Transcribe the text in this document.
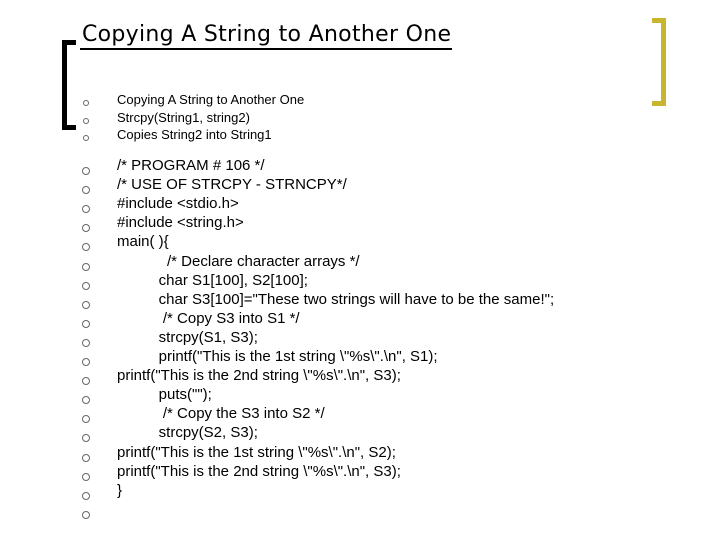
Copying A String to Another One
Copying A String to Another One
Strcpy(String1, string2)
Copies String2 into String1
/* PROGRAM # 106 */
/* USE OF STRCPY - STRNCPY*/
#include <stdio.h>
#include <string.h>
main( ){
/* Declare character arrays */
char S1[100], S2[100];
char S3[100]="These two strings will have to be the same!";
/* Copy S3 into S1 */
strcpy(S1, S3);
printf("This is the 1st string \"%s\".\n", S1);
printf("This is the 2nd string \"%s\".\n", S3);
puts("");
/* Copy the S3 into S2 */
strcpy(S2, S3);
printf("This is the 1st string \"%s\".\n", S2);
printf("This is the 2nd string \"%s\".\n", S3);
}
